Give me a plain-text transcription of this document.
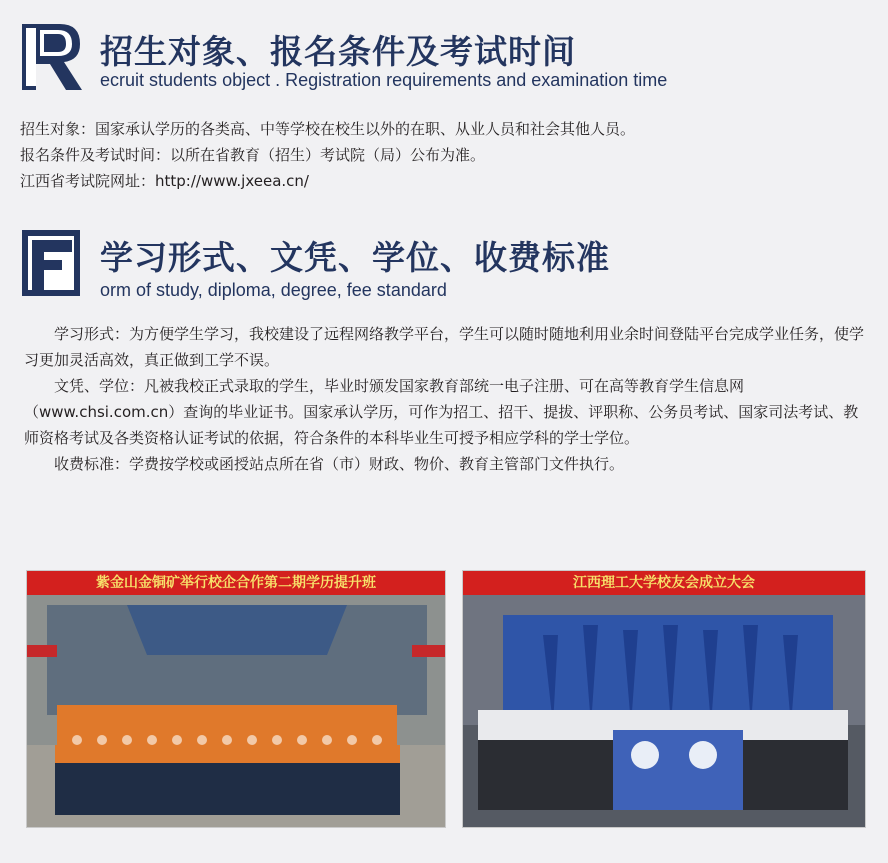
招生对象、报名条件及考试时间
ecruit students object . Registration requirements and examination time
招生对象：国家承认学历的各类高、中等学校在校生以外的在职、从业人员和社会其他人员。
报名条件及考试时间：以所在省教育（招生）考试院（局）公布为准。
江西省考试院网址：http://www.jxeea.cn/
学习形式、文凭、学位、收费标准
orm of study, diploma, degree, fee standard

学习形式：为方便学生学习，我校建设了远程网络教学平台，学生可以随时随地利用业余时间登陆平台完成学业任务，使学习更加灵活高效，真正做到工学不误。

文凭、学位：凡被我校正式录取的学生，毕业时颁发国家教育部统一电子注册、可在高等教育学生信息网（www.chsi.com.cn）查询的毕业证书。国家承认学历，可作为招工、招干、提拔、评职称、公务员考试、国家司法考试、教师资格考试及各类资格认证考试的依据，符合条件的本科毕业生可授予相应学科的学士学位。

收费标准：学费按学校或函授站点所在省（市）财政、物价、教育主管部门文件执行。

紫金山金铜矿举行校企合作第二期学历提升班	江西理工大学校友会成立大会
